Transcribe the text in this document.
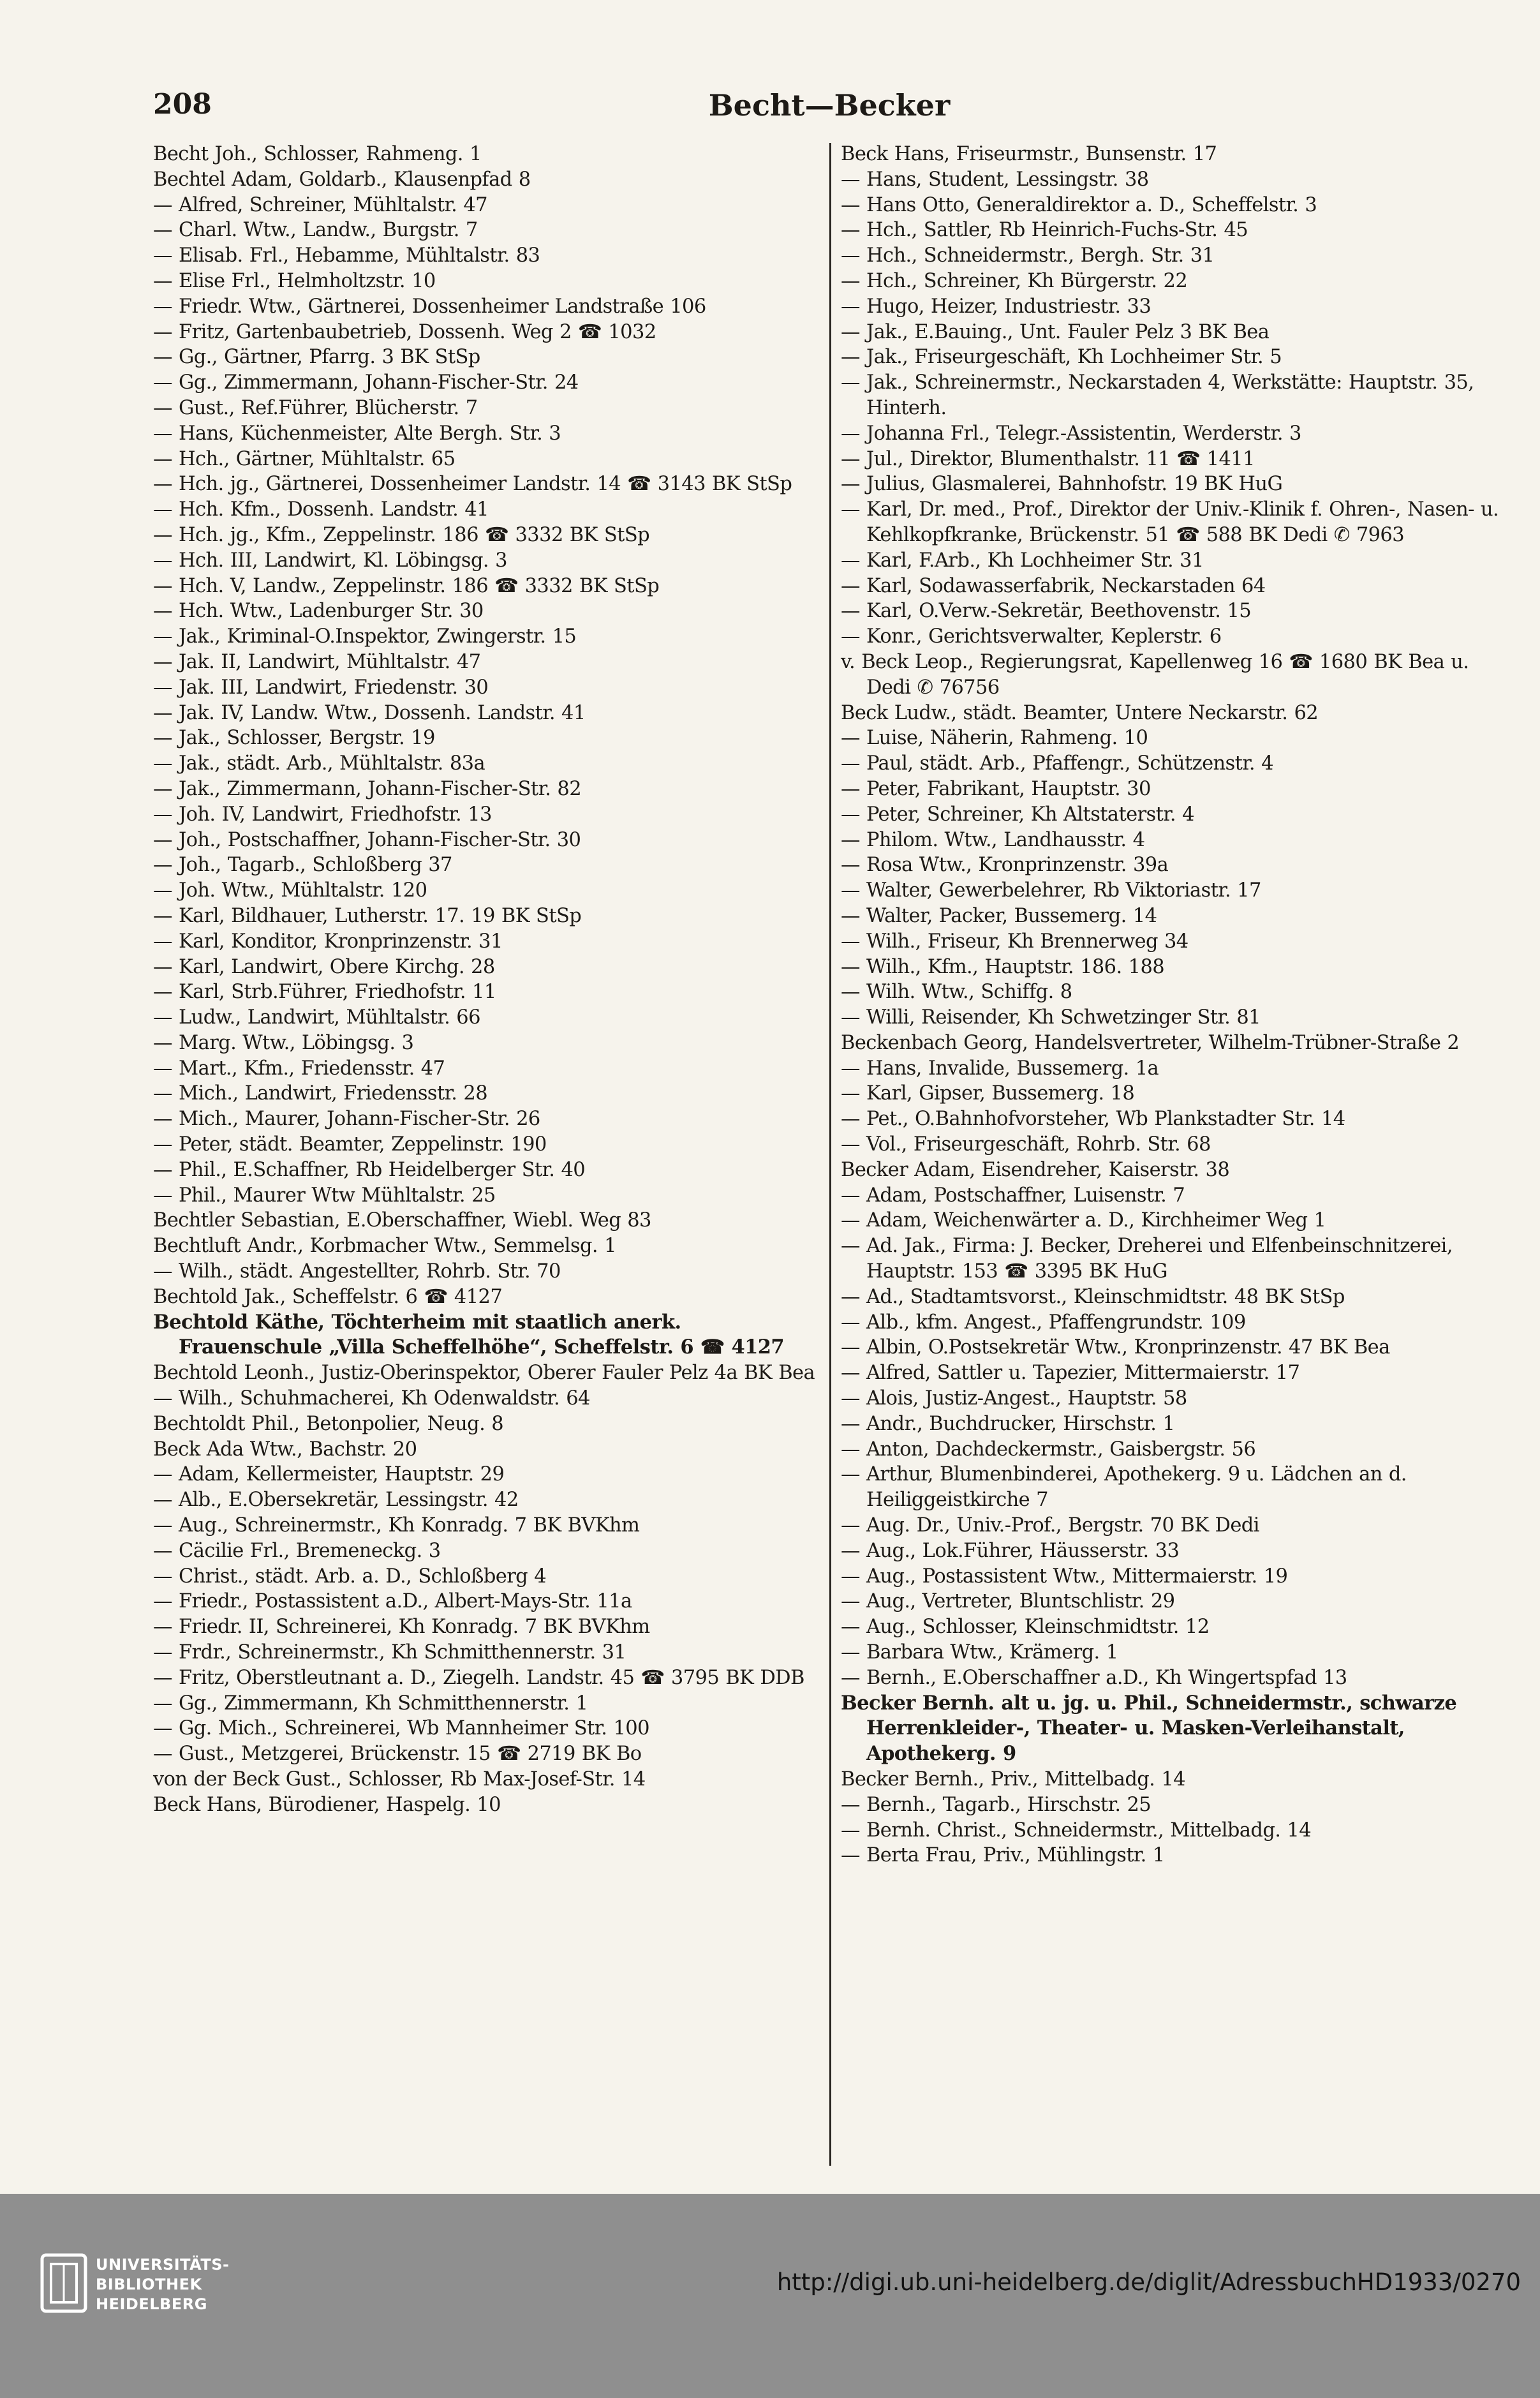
208	Becht—Becker
Becht Joh., Schlosser, Rahmeng. 1
Bechtel Adam, Goldarb., Klausenpfad 8
— Alfred, Schreiner, Mühltalstr. 47
— Charl. Wtw., Landw., Burgstr. 7
— Elisab. Frl., Hebamme, Mühltalstr. 83
— Elise Frl., Helmholtzstr. 10
— Friedr. Wtw., Gärtnerei, Dossenheimer Landstraße 106
— Fritz, Gartenbaubetrieb, Dossenh. Weg 2 ☎ 1032
— Gg., Gärtner, Pfarrg. 3 BK StSp
— Gg., Zimmermann, Johann-Fischer-Str. 24
— Gust., Ref.Führer, Blücherstr. 7
— Hans, Küchenmeister, Alte Bergh. Str. 3
— Hch., Gärtner, Mühltalstr. 65
— Hch. jg., Gärtnerei, Dossenheimer Landstr. 14 ☎ 3143 BK StSp
— Hch. Kfm., Dossenh. Landstr. 41
— Hch. jg., Kfm., Zeppelinstr. 186 ☎ 3332 BK StSp
— Hch. III, Landwirt, Kl. Löbingsg. 3
— Hch. V, Landw., Zeppelinstr. 186 ☎ 3332 BK StSp
— Hch. Wtw., Ladenburger Str. 30
— Jak., Kriminal-O.Inspektor, Zwingerstr. 15
— Jak. II, Landwirt, Mühltalstr. 47
— Jak. III, Landwirt, Friedenstr. 30
— Jak. IV, Landw. Wtw., Dossenh. Landstr. 41
— Jak., Schlosser, Bergstr. 19
— Jak., städt. Arb., Mühltalstr. 83a
— Jak., Zimmermann, Johann-Fischer-Str. 82
— Joh. IV, Landwirt, Friedhofstr. 13
— Joh., Postschaffner, Johann-Fischer-Str. 30
— Joh., Tagarb., Schloßberg 37
— Joh. Wtw., Mühltalstr. 120
— Karl, Bildhauer, Lutherstr. 17. 19 BK StSp
— Karl, Konditor, Kronprinzenstr. 31
— Karl, Landwirt, Obere Kirchg. 28
— Karl, Strb.Führer, Friedhofstr. 11
— Ludw., Landwirt, Mühltalstr. 66
— Marg. Wtw., Löbingsg. 3
— Mart., Kfm., Friedensstr. 47
— Mich., Landwirt, Friedensstr. 28
— Mich., Maurer, Johann-Fischer-Str. 26
— Peter, städt. Beamter, Zeppelinstr. 190
— Phil., E.Schaffner, Rb Heidelberger Str. 40
— Phil., Maurer Wtw Mühltalstr. 25
Bechtler Sebastian, E.Oberschaffner, Wiebl. Weg 83
Bechtluft Andr., Korbmacher Wtw., Semmelsg. 1
— Wilh., städt. Angestellter, Rohrb. Str. 70
Bechtold Jak., Scheffelstr. 6 ☎ 4127
Bechtold Käthe, Töchterheim mit staatlich anerk. Frauenschule „Villa Scheffelhöhe“, Scheffelstr. 6 ☎ 4127
Bechtold Leonh., Justiz-Oberinspektor, Oberer Fauler Pelz 4a BK Bea
— Wilh., Schuhmacherei, Kh Odenwaldstr. 64
Bechtoldt Phil., Betonpolier, Neug. 8
Beck Ada Wtw., Bachstr. 20
— Adam, Kellermeister, Hauptstr. 29
— Alb., E.Obersekretär, Lessingstr. 42
— Aug., Schreinermstr., Kh Konradg. 7 BK BVKhm
— Cäcilie Frl., Bremeneckg. 3
— Christ., städt. Arb. a. D., Schloßberg 4
— Friedr., Postassistent a.D., Albert-Mays-Str. 11a
— Friedr. II, Schreinerei, Kh Konradg. 7 BK BVKhm
— Frdr., Schreinermstr., Kh Schmitthennerstr. 31
— Fritz, Oberstleutnant a. D., Ziegelh. Landstr. 45 ☎ 3795 BK DDB
— Gg., Zimmermann, Kh Schmitthennerstr. 1
— Gg. Mich., Schreinerei, Wb Mannheimer Str. 100
— Gust., Metzgerei, Brückenstr. 15 ☎ 2719 BK Bo
von der Beck Gust., Schlosser, Rb Max-Josef-Str. 14
Beck Hans, Bürodiener, Haspelg. 10
Beck Hans, Friseurmstr., Bunsenstr. 17
— Hans, Student, Lessingstr. 38
— Hans Otto, Generaldirektor a. D., Scheffelstr. 3
— Hch., Sattler, Rb Heinrich-Fuchs-Str. 45
— Hch., Schneidermstr., Bergh. Str. 31
— Hch., Schreiner, Kh Bürgerstr. 22
— Hugo, Heizer, Industriestr. 33
— Jak., E.Bauing., Unt. Fauler Pelz 3 BK Bea
— Jak., Friseurgeschäft, Kh Lochheimer Str. 5
— Jak., Schreinermstr., Neckarstaden 4, Werkstätte: Hauptstr. 35, Hinterh.
— Johanna Frl., Telegr.-Assistentin, Werderstr. 3
— Jul., Direktor, Blumenthalstr. 11 ☎ 1411
— Julius, Glasmalerei, Bahnhofstr. 19 BK HuG
— Karl, Dr. med., Prof., Direktor der Univ.-Klinik f. Ohren-, Nasen- u. Kehlkopfkranke, Brückenstr. 51 ☎ 588 BK Dedi ✆ 7963
— Karl, F.Arb., Kh Lochheimer Str. 31
— Karl, Sodawasserfabrik, Neckarstaden 64
— Karl, O.Verw.-Sekretär, Beethovenstr. 15
— Konr., Gerichtsverwalter, Keplerstr. 6
v. Beck Leop., Regierungsrat, Kapellenweg 16 ☎ 1680 BK Bea u. Dedi ✆ 76756
Beck Ludw., städt. Beamter, Untere Neckarstr. 62
— Luise, Näherin, Rahmeng. 10
— Paul, städt. Arb., Pfaffengr., Schützenstr. 4
— Peter, Fabrikant, Hauptstr. 30
— Peter, Schreiner, Kh Altstaterstr. 4
— Philom. Wtw., Landhausstr. 4
— Rosa Wtw., Kronprinzenstr. 39a
— Walter, Gewerbelehrer, Rb Viktoriastr. 17
— Walter, Packer, Bussemerg. 14
— Wilh., Friseur, Kh Brennerweg 34
— Wilh., Kfm., Hauptstr. 186. 188
— Wilh. Wtw., Schiffg. 8
— Willi, Reisender, Kh Schwetzinger Str. 81
Beckenbach Georg, Handelsvertreter, Wilhelm-Trübner-Straße 2
— Hans, Invalide, Bussemerg. 1a
— Karl, Gipser, Bussemerg. 18
— Pet., O.Bahnhofvorsteher, Wb Plankstadter Str. 14
— Vol., Friseurgeschäft, Rohrb. Str. 68
Becker Adam, Eisendreher, Kaiserstr. 38
— Adam, Postschaffner, Luisenstr. 7
— Adam, Weichenwärter a. D., Kirchheimer Weg 1
— Ad. Jak., Firma: J. Becker, Dreherei und Elfenbeinschnitzerei, Hauptstr. 153 ☎ 3395 BK HuG
— Ad., Stadtamtsvorst., Kleinschmidtstr. 48 BK StSp
— Alb., kfm. Angest., Pfaffengrundstr. 109
— Albin, O.Postsekretär Wtw., Kronprinzenstr. 47 BK Bea
— Alfred, Sattler u. Tapezier, Mittermaierstr. 17
— Alois, Justiz-Angest., Hauptstr. 58
— Andr., Buchdrucker, Hirschstr. 1
— Anton, Dachdeckermstr., Gaisbergstr. 56
— Arthur, Blumenbinderei, Apothekerg. 9 u. Lädchen an d. Heiliggeistkirche 7
— Aug. Dr., Univ.-Prof., Bergstr. 70 BK Dedi
— Aug., Lok.Führer, Häusserstr. 33
— Aug., Postassistent Wtw., Mittermaierstr. 19
— Aug., Vertreter, Bluntschlistr. 29
— Aug., Schlosser, Kleinschmidtstr. 12
— Barbara Wtw., Krämerg. 1
— Bernh., E.Oberschaffner a.D., Kh Wingertspfad 13
Becker Bernh. alt u. jg. u. Phil., Schneidermstr., schwarze Herrenkleider-, Theater- u. Masken-Verleihanstalt, Apothekerg. 9
Becker Bernh., Priv., Mittelbadg. 14
— Bernh., Tagarb., Hirschstr. 25
— Bernh. Christ., Schneidermstr., Mittelbadg. 14
— Berta Frau, Priv., Mühlingstr. 1
UNIVERSITÄTS-
BIBLIOTHEK
HEIDELBERG
http://digi.ub.uni-heidelberg.de/diglit/AdressbuchHD1933/0270
